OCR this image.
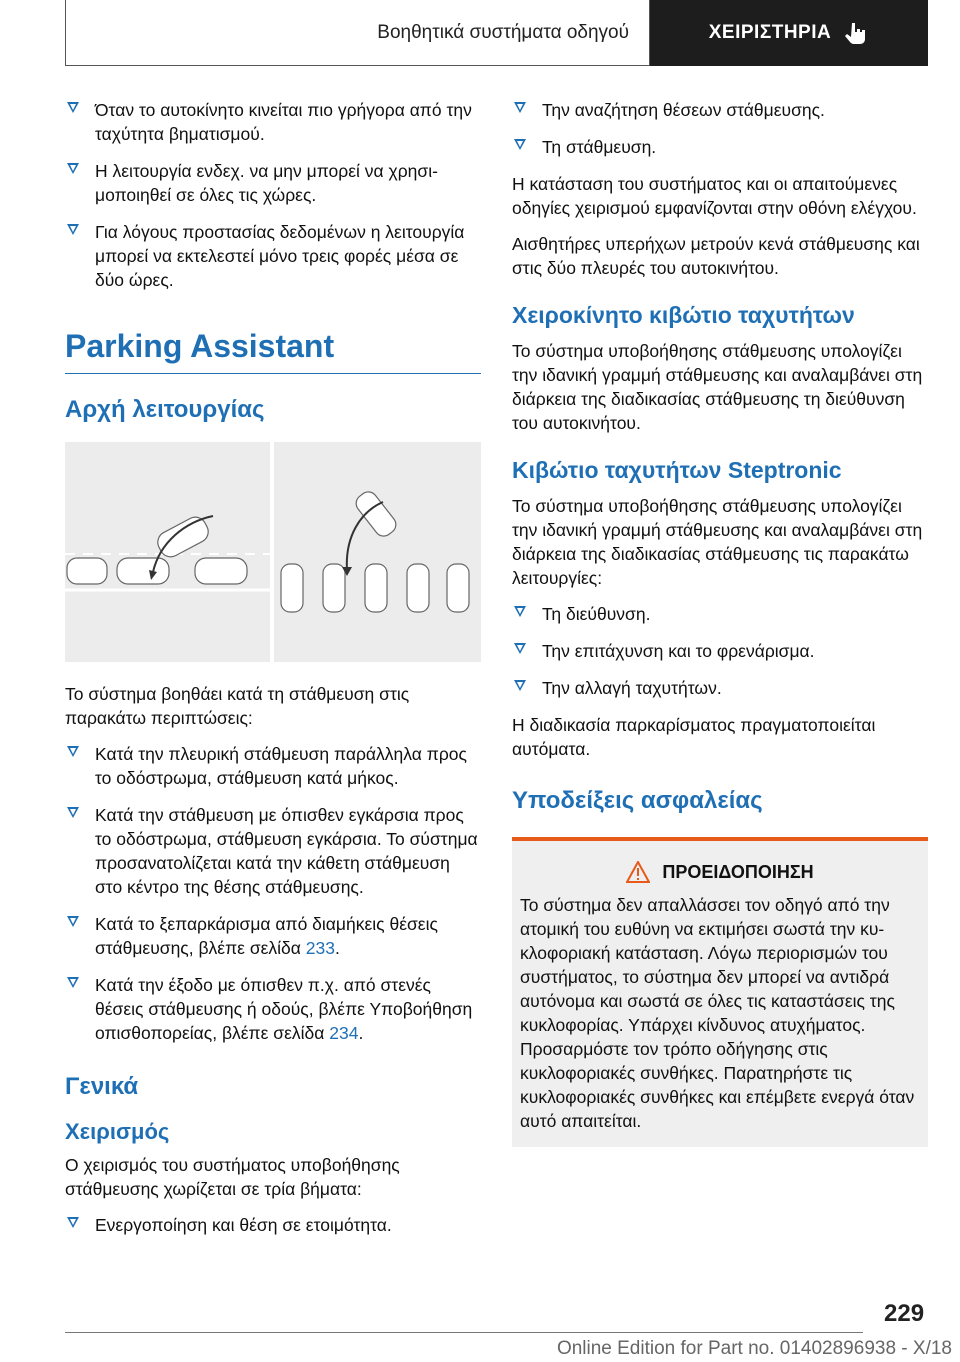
Βοηθητικά συστήματα οδηγού	ΧΕΙΡΙΣΤΗΡΙΑ
Όταν το αυτοκίνητο κινείται πιο γρήγορα από την ταχύτητα βηματισμού.
Η λειτουργία ενδεχ. να μην μπορεί να χρησιμοποιηθεί σε όλες τις χώρες.
Για λόγους προστασίας δεδομένων η λειτουργία μπορεί να εκτελεστεί μόνο τρεις φορές μέσα σε δύο ώρες.
Parking Assistant
Αρχή λειτουργίας

Το σύστημα βοηθάει κατά τη στάθμευση στις παρακάτω περιπτώσεις:

Κατά την πλευρική στάθμευση παράλληλα προς το οδόστρωμα, στάθμευση κατά μήκος.
Κατά την στάθμευση με όπισθεν εγκάρσια προς το οδόστρωμα, στάθμευση εγκάρσια. Το σύστημα προσανατολίζεται κατά την κάθετη στάθμευση στο κέντρο της θέσης στάθμευσης.
Κατά το ξεπαρκάρισμα από διαμήκεις θέσεις στάθμευσης, βλέπε σελίδα 233.
Κατά την έξοδο με όπισθεν π.χ. από στενές θέσεις στάθμευσης ή οδούς, βλέπε Υποβοήθηση οπισθοπορείας, βλέπε σελίδα 234.
Γενικά
Χειρισμός

Ο χειρισμός του συστήματος υποβοήθησης στάθμευσης χωρίζεται σε τρία βήματα:

Ενεργοποίηση και θέση σε ετοιμότητα.
Την αναζήτηση θέσεων στάθμευσης.
Τη στάθμευση.

Η κατάσταση του συστήματος και οι απαιτούμενες οδηγίες χειρισμού εμφανίζονται στην οθόνη ελέγχου.

Αισθητήρες υπερήχων μετρούν κενά στάθμευσης και στις δύο πλευρές του αυτοκινήτου.

Χειροκίνητο κιβώτιο ταχυτήτων

Το σύστημα υποβοήθησης στάθμευσης υπολογίζει την ιδανική γραμμή στάθμευσης και αναλαμβάνει στη διάρκεια της διαδικασίας στάθμευσης τη διεύθυνση του αυτοκινήτου.

Κιβώτιο ταχυτήτων Steptronic

Το σύστημα υποβοήθησης στάθμευσης υπολογίζει την ιδανική γραμμή στάθμευσης και αναλαμβάνει στη διάρκεια της διαδικασίας στάθμευσης τις παρακάτω λειτουργίες:

Τη διεύθυνση.
Την επιτάχυνση και το φρενάρισμα.
Την αλλαγή ταχυτήτων.

Η διαδικασία παρκαρίσματος πραγματοποιείται αυτόματα.

Υποδείξεις ασφαλείας
ΠΡΟΕΙΔΟΠΟΙΗΣΗ
Το σύστημα δεν απαλλάσσει τον οδηγό από την ατομική του ευθύνη να εκτιμήσει σωστά την κυκλοφοριακή κατάσταση. Λόγω περιορισμών του συστήματος, το σύστημα δεν μπορεί να αντιδρά αυτόνομα και σωστά σε όλες τις καταστάσεις της κυκλοφορίας. Υπάρχει κίνδυνος ατυχήματος. Προσαρμόστε τον τρόπο οδήγησης στις κυκλοφοριακές συνθήκες. Παρατηρήστε τις κυκλοφοριακές συνθήκες και επέμβετε ενεργά όταν αυτό απαιτείται.
229
Online Edition for Part no. 01402896938 - X/18
